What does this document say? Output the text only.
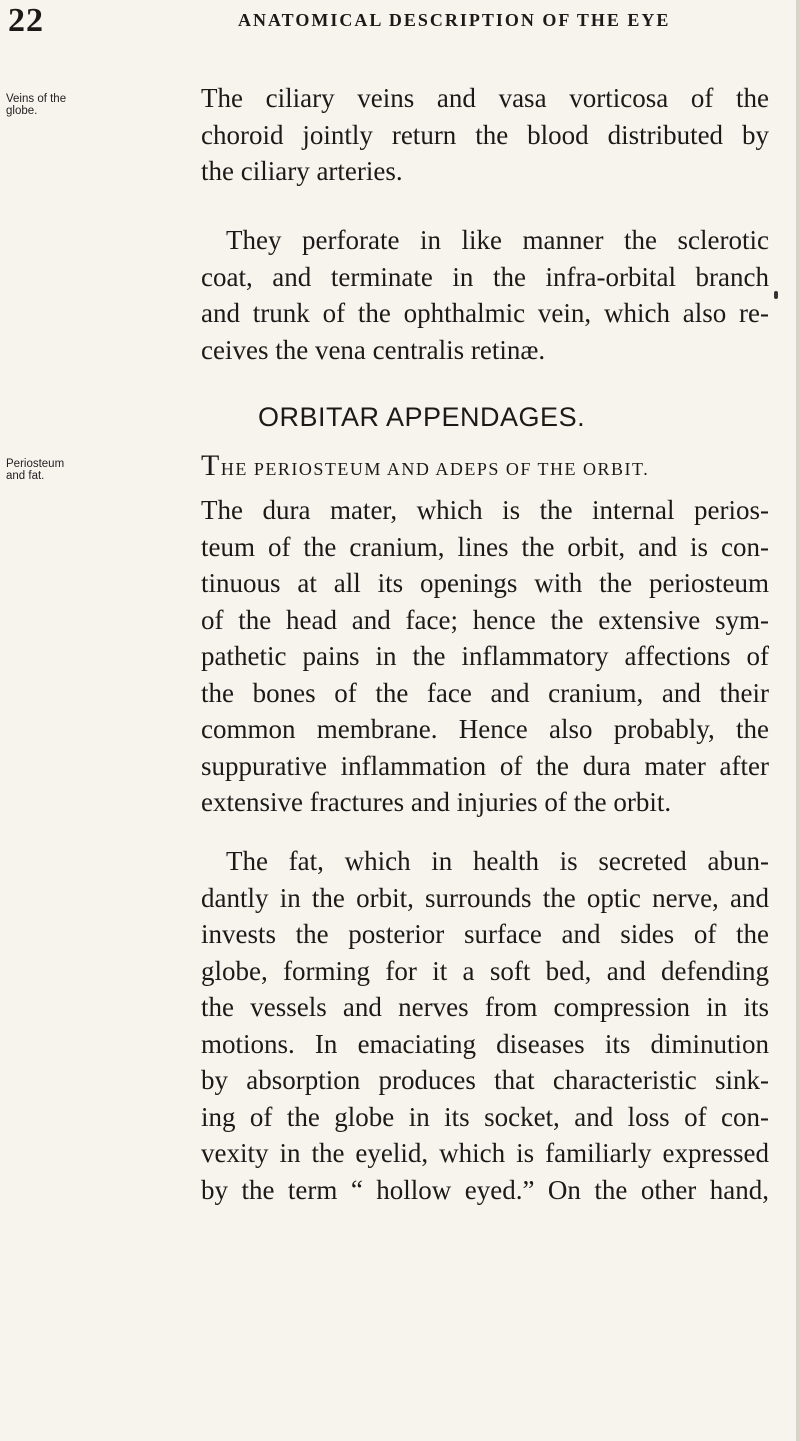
22	ANATOMICAL DESCRIPTION OF THE EYE
Veins of the
globe.
Periosteum
and fat.

The ciliary veins and vasa vorticosa of the
choroid jointly return the blood distributed by
the ciliary arteries.

They perforate in like manner the sclerotic
coat, and terminate in the infra-orbital branch
and trunk of the ophthalmic vein, which also re-
ceives the vena centralis retinæ.

ORBITAR APPENDAGES.
THE PERIOSTEUM AND ADEPS OF THE ORBIT.

The dura mater, which is the internal perios-
teum of the cranium, lines the orbit, and is con-
tinuous at all its openings with the periosteum
of the head and face; hence the extensive sym-
pathetic pains in the inflammatory affections of
the bones of the face and cranium, and their
common membrane. Hence also probably, the
suppurative inflammation of the dura mater after
extensive fractures and injuries of the orbit.

The fat, which in health is secreted abun-
dantly in the orbit, surrounds the optic nerve, and
invests the posterior surface and sides of the
globe, forming for it a soft bed, and defending
the vessels and nerves from compression in its
motions. In emaciating diseases its diminution
by absorption produces that characteristic sink-
ing of the globe in its socket, and loss of con-
vexity in the eyelid, which is familiarly expressed
by the term “ hollow eyed.” On the other hand,
